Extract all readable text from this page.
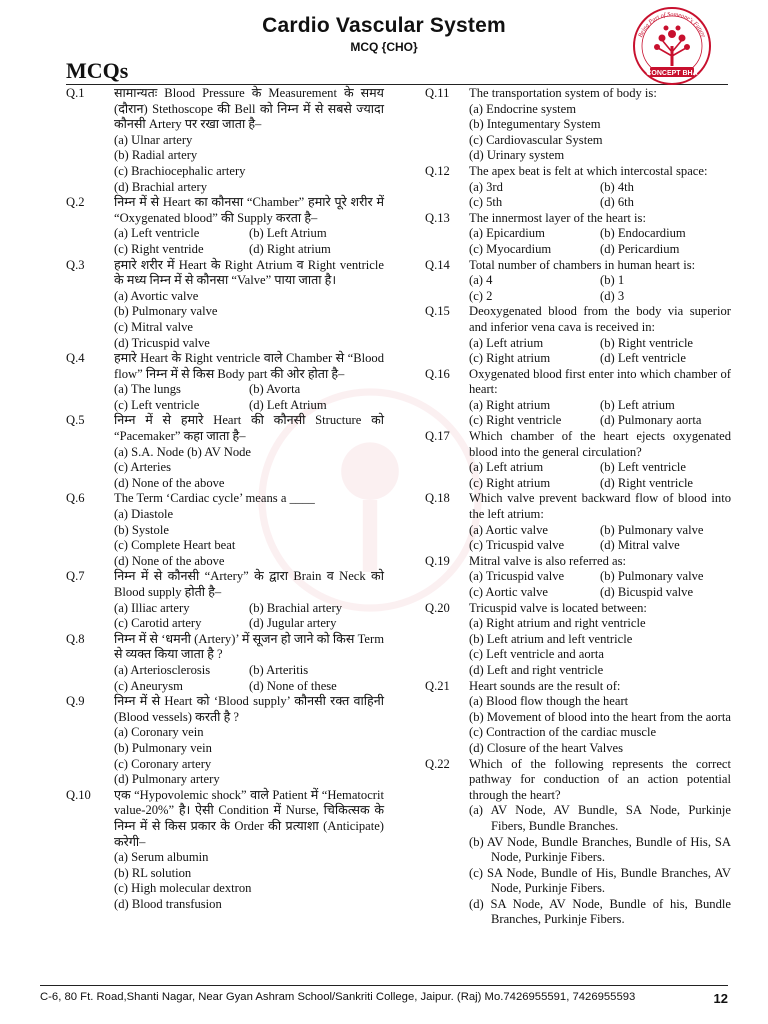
Cardio Vascular System
MCQ {CHO}
MCQs
Being Part of Someone's Future
CONCEPT BHA
Q.1	सामान्यतः Blood Pressure के Measurement के समय (दौरान) Stethoscope की Bell को निम्न में से सबसे ज्यादा कौनसी Artery पर रखा जाता है–
(a) Ulnar artery
(b) Radial artery
(c) Brachiocephalic artery
(d) Brachial artery
Q.2	निम्न में से Heart का कौनसा “Chamber” हमारे पूरे शरीर में “Oxygenated blood” की Supply करता है–
(a) Left ventricle	(b) Left Atrium
(c) Right ventride	(d) Right atrium
Q.3	हमारे शरीर में Heart के Right Atrium व Right ventricle के मध्य निम्न में से कौनसा “Valve” पाया जाता है।
(a) Avortic valve
(b) Pulmonary valve
(c) Mitral valve
(d) Tricuspid valve
Q.4	हमारे Heart के Right ventricle वाले Chamber से “Blood flow” निम्न में से किस Body part की ओर होता है–
(a) The lungs	(b) Avorta
(c) Left ventricle	(d) Left Atrium
Q.5	निम्न में से हमारे Heart की कौनसी Structure को “Pacemaker” कहा जाता है–
(a) S.A. Node (b) AV Node
(c) Arteries
(d) None of the above
Q.6	The Term ‘Cardiac cycle’ means a ____
(a) Diastole
(b) Systole
(c) Complete Heart beat
(d) None of the above
Q.7	निम्न में से कौनसी “Artery” के द्वारा Brain व Neck को Blood supply होती है–
(a) Illiac artery	(b) Brachial artery
(c) Carotid artery	(d) Jugular artery
Q.8	निम्न में से ‘धमनी (Artery)’ में सूजन हो जाने को किस Term से व्यक्त किया जाता है ?
(a) Arteriosclerosis	(b) Arteritis
(c) Aneurysm	(d) None of these
Q.9	निम्न में से Heart को ‘Blood supply’ कौनसी रक्त वाहिनी (Blood vessels) करती है ?
(a) Coronary vein
(b) Pulmonary vein
(c) Coronary artery
(d) Pulmonary artery
Q.10	एक “Hypovolemic shock” वाले Patient में “Hematocrit value-20%” है। ऐसी Condition में Nurse, चिकित्सक के निम्न में से किस प्रकार के Order की प्रत्याशा (Anticipate) करेगी–
(a) Serum albumin
(b) RL solution
(c) High molecular dextron
(d) Blood transfusion
Q.11	The transportation system of body is:
(a) Endocrine system
(b) Integumentary System
(c) Cardiovascular System
(d) Urinary system
Q.12	The apex beat is felt at which intercostal space:
(a) 3rd	(b) 4th
(c) 5th	(d) 6th
Q.13	The innermost layer of the heart is:
(a) Epicardium	(b) Endocardium
(c) Myocardium	(d) Pericardium
Q.14	Total number of chambers in human heart is:
(a) 4	(b) 1
(c) 2	(d) 3
Q.15	Deoxygenated blood from the body via superior and inferior vena cava is received in:
(a) Left atrium	(b) Right ventricle
(c) Right atrium	(d) Left ventricle
Q.16	Oxygenated blood first enter into which chamber of heart:
(a) Right atrium	(b) Left atrium
(c) Right ventricle	(d) Pulmonary aorta
Q.17	Which chamber of the heart ejects oxygenated blood into the general circulation?
(a) Left atrium	(b) Left ventricle
(c) Right atrium	(d) Right ventricle
Q.18	Which valve prevent backward flow of blood into the left atrium:
(a) Aortic valve	(b) Pulmonary valve
(c) Tricuspid valve	(d) Mitral valve
Q.19	Mitral valve is also referred as:
(a) Tricuspid valve	(b) Pulmonary valve
(c) Aortic valve	(d) Bicuspid valve
Q.20	Tricuspid valve is located between:
(a) Right atrium and right ventricle
(b) Left atrium and left ventricle
(c) Left ventricle and aorta
(d) Left and right ventricle
Q.21	Heart sounds are the result of:
(a) Blood flow though the heart
(b) Movement of blood into the heart from the aorta
(c) Contraction of the cardiac muscle
(d) Closure of the heart Valves
Q.22	Which of the following represents the correct pathway for conduction of an action potential through the heart?
(a) AV Node, AV Bundle, SA Node, Purkinje Fibers, Bundle Branches.
(b) AV Node, Bundle Branches, Bundle of His, SA Node, Purkinje Fibers.
(c) SA Node, Bundle of His, Bundle Branches, AV Node, Purkinje Fibers.
(d) SA Node, AV Node, Bundle of his, Bundle Branches, Purkinje Fibers.
C-6, 80 Ft. Road,Shanti Nagar, Near Gyan Ashram School/Sankriti College, Jaipur. (Raj) Mo.7426955591, 7426955593	12
